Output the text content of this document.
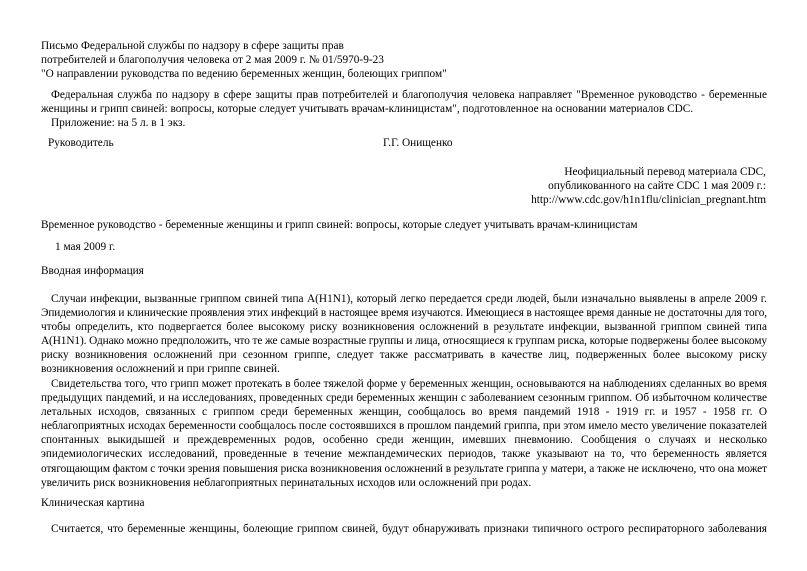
Письмо Федеральной службы по надзору в сфере защиты прав
потребителей и благополучия человека от 2 мая 2009 г. № 01/5970-9-23
"О направлении руководства по ведению беременных женщин, болеющих гриппом"
Федеральная служба по надзору в сфере защиты прав потребителей и благополучия человека направляет "Временное руководство - беременные
женщины и грипп свиней: вопросы, которые следует учитывать врачам-клиницистам", подготовленное на основании материалов CDC.
Приложение: на 5 л. в 1 экз.
Руководитель	Г.Г. Онищенко
Неофициальный перевод материала CDC,
опубликованного на сайте CDC 1 мая 2009 г.:
http://www.cdc.gov/h1n1flu/clinician_pregnant.htm
Временное руководство - беременные женщины и грипп свиней: вопросы, которые следует учитывать врачам-клиницистам
1 мая 2009 г.
Вводная информация
Случаи инфекции, вызванные гриппом свиней типа A(H1N1), который легко передается среди людей, были изначально выявлены в апреле 2009 г.
Эпидемиология и клинические проявления этих инфекций в настоящее время изучаются. Имеющиеся в настоящее время данные не достаточны для того,
чтобы определить, кто подвергается более высокому риску возникновения осложнений в результате инфекции, вызванной гриппом свиней типа
A(H1N1). Однако можно предположить, что те же самые возрастные группы и лица, относящиеся к группам риска, которые подвержены более высокому
риску возникновения осложнений при сезонном гриппе, следует также рассматривать в качестве лиц, подверженных более высокому риску
возникновения осложнений и при гриппе свиней.
Свидетельства того, что грипп может протекать в более тяжелой форме у беременных женщин, основываются на наблюдениях сделанных во время
предыдущих пандемий, и на исследованиях, проведенных среди беременных женщин с заболеванием сезонным гриппом. Об избыточном количестве
летальных исходов, связанных с гриппом среди беременных женщин, сообщалось во время пандемий 1918 - 1919 гг. и 1957 - 1958 гг. О
неблагоприятных исходах беременности сообщалось после состоявшихся в прошлом пандемий гриппа, при этом имело место увеличение показателей
спонтанных выкидышей и преждевременных родов, особенно среди женщин, имевших пневмонию. Сообщения о случаях и несколько
эпидемиологических исследований, проведенные в течение межпандемических периодов, также указывают на то, что беременность является
отягощающим фактом с точки зрения повышения риска возникновения осложнений в результате гриппа у матери, а также не исключено, что она может
увеличить риск возникновения неблагоприятных перинатальных исходов или осложнений при родах.
Клиническая картина
Считается, что беременные женщины, болеющие гриппом свиней, будут обнаруживать признаки типичного острого респираторного заболевания
